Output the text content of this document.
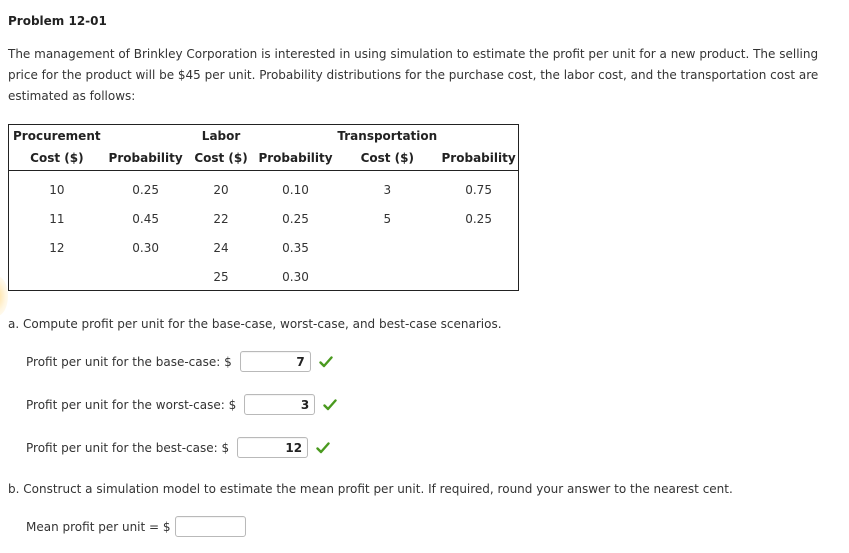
Problem 12-01
The management of Brinkley Corporation is interested in using simulation to estimate the profit per unit for a new product. The selling price for the product will be $45 per unit. Probability distributions for the purchase cost, the labor cost, and the transportation cost are estimated as follows:
Procurement		Labor		Transportation	
Cost ($)	Probability	Cost ($)	Probability	Cost ($)	Probability
10	0.25	20	0.10	3	0.75
11	0.45	22	0.25	5	0.25
12	0.30	24	0.35		
		25	0.30		
a. Compute profit per unit for the base-case, worst-case, and best-case scenarios.
Profit per unit for the base-case: $
7
Profit per unit for the worst-case: $
3
Profit per unit for the best-case: $
12
b. Construct a simulation model to estimate the mean profit per unit. If required, round your answer to the nearest cent.
Mean profit per unit = $
